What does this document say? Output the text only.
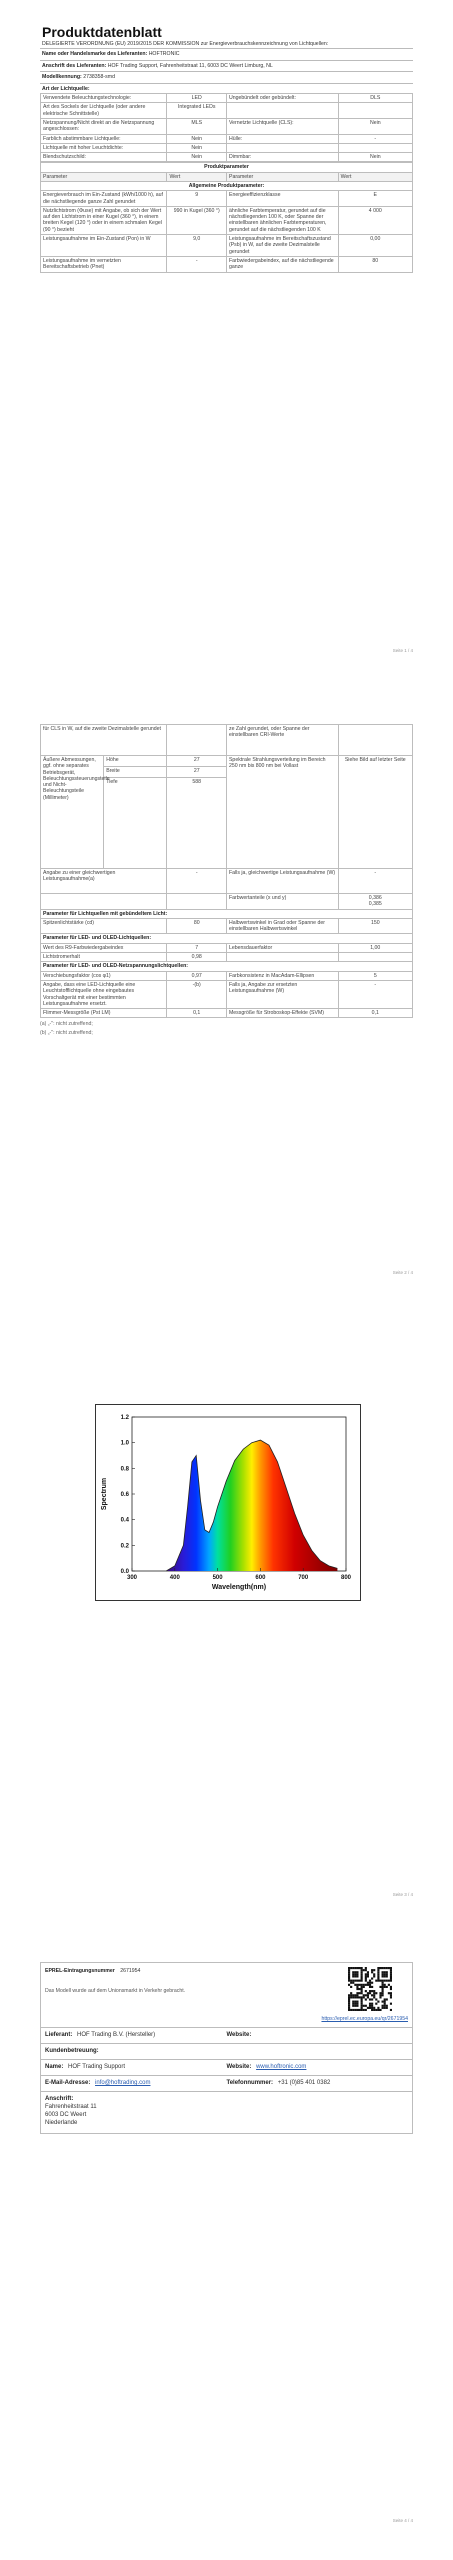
Produktdatenblatt
DELEGIERTE VERORDNUNG (EU) 2019/2015 DER KOMMISSION zur Energieverbrauchskennzeichnung von Lichtquellen:
Name oder Handelsmarke des Lieferanten: HOFTRONIC
Anschrift des Lieferanten: HOF Trading Support, Fahrenheitstraat 11, 6003 DC Weert Limburg, NL
Modellkennung: 2738358-smd
Art der Lichtquelle:
Verwendete Beleuchtungstechnologie:	LED	Ungebündelt oder gebündelt:	DLS
Art des Sockels der Lichtquelle (oder andere elektrische Schnittstelle)	Integrated LEDs		
Netzspannung/Nicht direkt an die Netzspannung angeschlossen:	MLS	Vernetzte Lichtquelle (CLS):	Nein
Farblich abstimmbare Lichtquelle:	Nein	Hülle:	-
Lichtquelle mit hoher Leuchtdichte:	Nein		
Blendschutzschild:	Nein	Dimmbar:	Nein
Produktparameter			
Parameter	Wert	Parameter	Wert
Allgemeine Produktparameter:			
Energieverbrauch im Ein-Zustand (kWh/1000 h), auf die nächstliegende ganze Zahl gerundet	9	Energieeffizienzklasse	E
Nutzlichtstrom (Φuse) mit Angabe, ob sich der Wert auf den Lichtstrom in einer Kugel (360 °), in einem breiten Kegel (120 °) oder in einem schmalen Kegel (90 °) bezieht	990 in Kugel (360 °)	ähnliche Farbtemperatur, gerundet auf die nächstliegenden 100 K, oder Spanne der einstellbaren ähnlichen Farbtemperaturen, gerundet auf die nächstliegenden 100 K	4 000
Leistungsaufnahme im Ein-Zustand (Pon) in W	9,0	Leistungsaufnahme im Bereitschaftszustand (Psb) in W, auf die zweite Dezimalstelle gerundet	0,00
Leistungsaufnahme im vernetzten Bereitschaftsbetrieb (Pnet)	-	Farbwiedergabeindex, auf die nächstliegende ganze	80
Seite 1 / 4
für CLS in W, auf die zweite Dezimalstelle gerundet			ze Zahl gerundet, oder Spanne der einstellbaren CRI-Werte	
Äußere Abmessungen, ggf. ohne separates Betriebsgerät, Beleuchtungssteuerungsteile und Nicht-Beleuchtungsteile (Millimeter)	Höhe	27	Spektrale Strahlungsverteilung im Bereich 250 nm bis 800 nm bei Vollast	Siehe Bild auf letzter Seite
	Breite	27		
	Tiefe	588		
Angabe zu einer gleichwertigen Leistungsaufnahme(a)		-	Falls ja, gleichwertige Leistungsaufnahme (W)	-
			Farbwertanteile (x und y)	0,386
0,385

Parameter für Lichtquellen mit gebündeltem Licht:				
Spitzenlichtstärke (cd)		80	Halbwertswinkel in Grad oder Spanne der einstellbaren Halbwertswinkel	150
Parameter für LED- und OLED-Lichtquellen:				
Wert des R9-Farbwiedergabeindex		7	Lebensdauerfaktor	1,00
Lichtstromerhalt		0,98		
Parameter für LED- und OLED-Netzspannungslichtquellen:				
Verschiebungsfaktor (cos φ1)		0,97	Farbkonsistenz in MacAdam-Ellipsen	5
Angabe, dass eine LED-Lichtquelle eine Leuchtstofflichtquelle ohne eingebautes Vorschaltgerät mit einer bestimmten Leistungsaufnahme ersetzt.		-(b)	Falls ja, Angabe zur ersetzten Leistungsaufnahme (W)	-
Flimmer-Messgröße (Pst LM)		0,1	Messgröße für Stroboskop-Effekte (SVM)	0,1
(a) „-": nicht zutreffend;
(b) „-": nicht zutreffend;
Seite 2 / 4
300	400	500	600	700	800
0.0
0.2
0.4
0.6
0.8
1.0
1.2
Spectrum
Wavelength(nm)
Seite 3 / 4
EPREL-Eintragungsnummer 2671954
Das Modell wurde auf dem Unionsmarkt in Verkehr gebracht.
https://eprel.ec.europa.eu/qr/2671954
Lieferant: HOF Trading B.V. (Hersteller)	Website:
Kundenbetreuung:
Name: HOF Trading Support	Website: www.hoftronic.com
E-Mail-Adresse: info@hoftrading.com	Telefonnummer: +31 (0)85 401 0382
Anschrift:
Fahrenheitstraat 11
6003 DC Weert
Niederlande
Seite 4 / 4
